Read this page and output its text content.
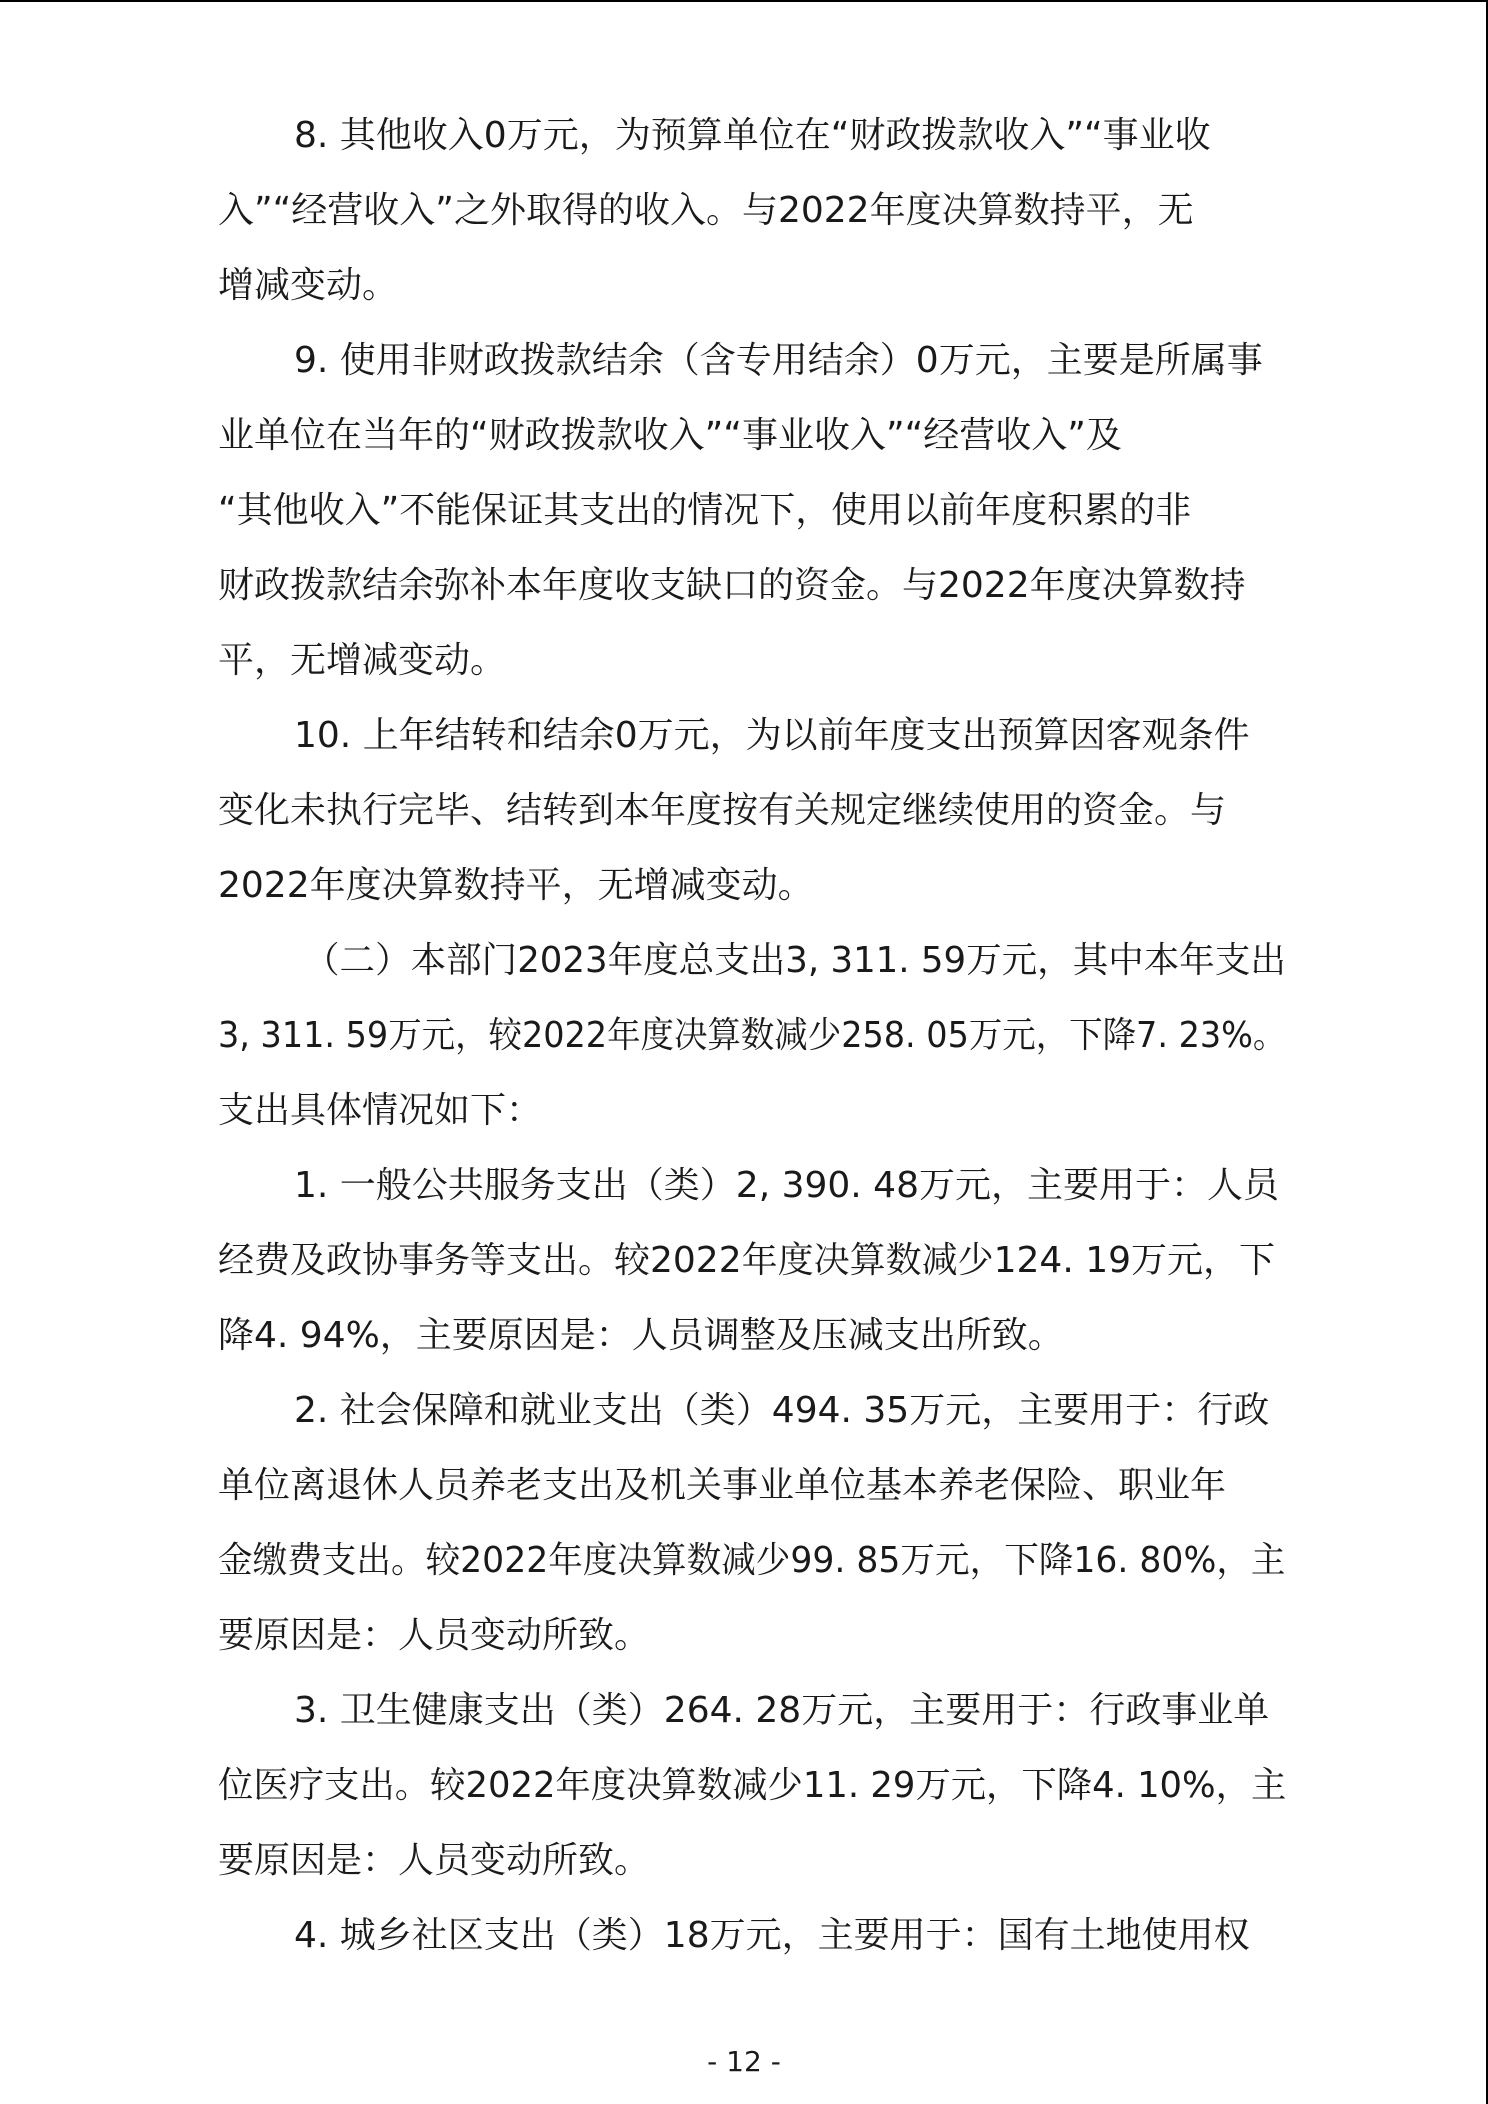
8. 其他收入0万元，为预算单位在“财政拨款收入”“事业收
入”“经营收入”之外取得的收入。与2022年度决算数持平，无
增减变动。
9. 使用非财政拨款结余（含专用结余）0万元，主要是所属事
业单位在当年的“财政拨款收入”“事业收入”“经营收入”及
“其他收入”不能保证其支出的情况下，使用以前年度积累的非
财政拨款结余弥补本年度收支缺口的资金。与2022年度决算数持
平，无增减变动。
10. 上年结转和结余0万元，为以前年度支出预算因客观条件
变化未执行完毕、结转到本年度按有关规定继续使用的资金。与
2022年度决算数持平，无增减变动。
（二）本部门2023年度总支出3, 311. 59万元，其中本年支出
3, 311. 59万元，较2022年度决算数减少258. 05万元，下降7. 23%。
支出具体情况如下：
1. 一般公共服务支出（类）2, 390. 48万元，主要用于：人员
经费及政协事务等支出。较2022年度决算数减少124. 19万元，下
降4. 94%，主要原因是：人员调整及压减支出所致。
2. 社会保障和就业支出（类）494. 35万元，主要用于：行政
单位离退休人员养老支出及机关事业单位基本养老保险、职业年
金缴费支出。较2022年度决算数减少99. 85万元，下降16. 80%，主
要原因是：人员变动所致。
3. 卫生健康支出（类）264. 28万元，主要用于：行政事业单
位医疗支出。较2022年度决算数减少11. 29万元，下降4. 10%，主
要原因是：人员变动所致。
4. 城乡社区支出（类）18万元，主要用于：国有土地使用权
- 12 -
